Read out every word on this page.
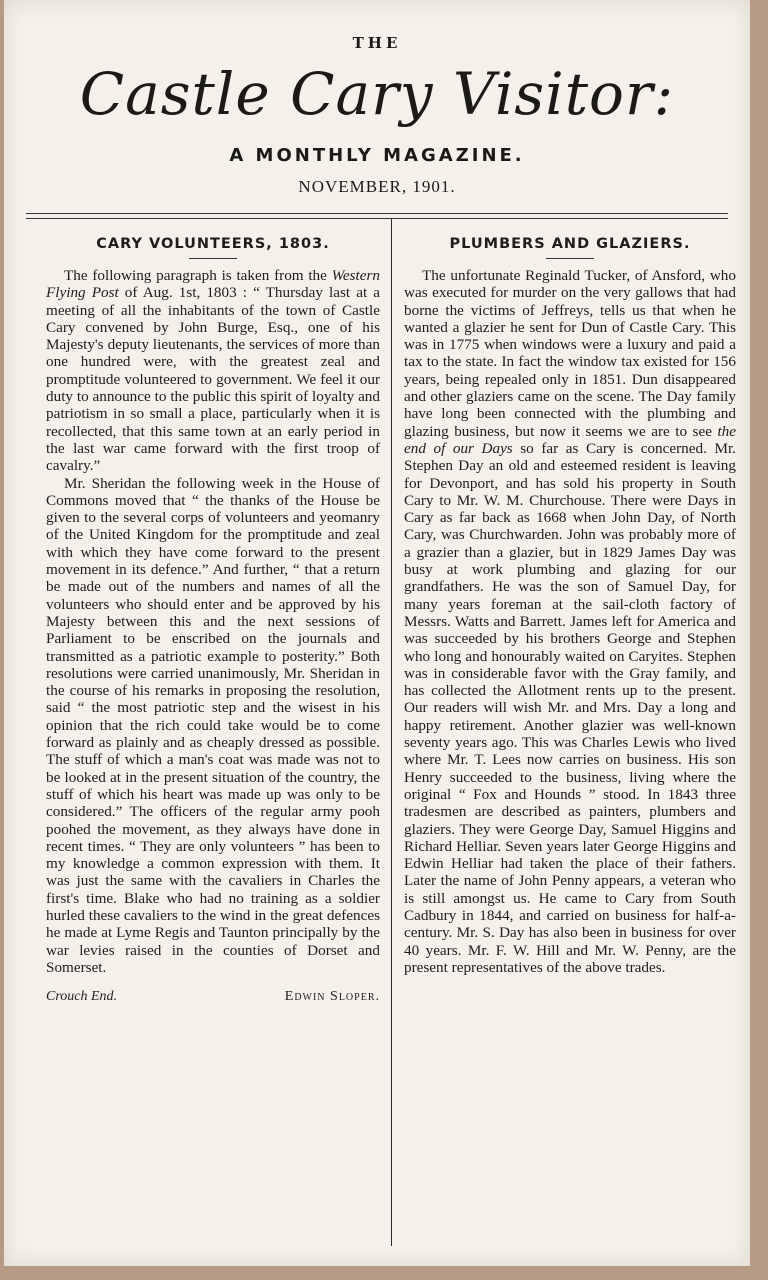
THE
Castle Cary Visitor:
A MONTHLY MAGAZINE.
NOVEMBER, 1901.
CARY VOLUNTEERS, 1803.

The following paragraph is taken from the Western Flying Post of Aug. 1st, 1803 : “ Thursday last at a meeting of all the inhabitants of the town of Castle Cary convened by John Burge, Esq., one of his Majesty's deputy lieutenants, the services of more than one hundred were, with the greatest zeal and promptitude volunteered to government. We feel it our duty to announce to the public this spirit of loyalty and patriotism in so small a place, particularly when it is recollected, that this same town at an early period in the last war came forward with the first troop of cavalry.”

Mr. Sheridan the following week in the House of Commons moved that “ the thanks of the House be given to the several corps of volunteers and yeomanry of the United Kingdom for the promptitude and zeal with which they have come forward to the present movement in its defence.” And further, “ that a return be made out of the numbers and names of all the volunteers who should enter and be approved by his Majesty between this and the next sessions of Parliament to be enscribed on the journals and transmitted as a patriotic example to posterity.” Both resolutions were carried unanimously, Mr. Sheridan in the course of his remarks in proposing the resolution, said “ the most patriotic step and the wisest in his opinion that the rich could take would be to come forward as plainly and as cheaply dressed as possible. The stuff of which a man's coat was made was not to be looked at in the present situation of the country, the stuff of which his heart was made up was only to be considered.” The officers of the regular army pooh poohed the movement, as they always have done in recent times. “ They are only volunteers ” has been to my knowledge a common expression with them. It was just the same with the cavaliers in Charles the first's time. Blake who had no training as a soldier hurled these cavaliers to the wind in the great defences he made at Lyme Regis and Taunton principally by the war levies raised in the counties of Dorset and Somerset.

Crouch End.	Edwin Sloper.
PLUMBERS AND GLAZIERS.

The unfortunate Reginald Tucker, of Ansford, who was executed for murder on the very gallows that had borne the victims of Jeffreys, tells us that when he wanted a glazier he sent for Dun of Castle Cary. This was in 1775 when windows were a luxury and paid a tax to the state. In fact the window tax existed for 156 years, being repealed only in 1851. Dun disappeared and other glaziers came on the scene. The Day family have long been connected with the plumbing and glazing business, but now it seems we are to see the end of our Days so far as Cary is concerned. Mr. Stephen Day an old and esteemed resident is leaving for Devonport, and has sold his property in South Cary to Mr. W. M. Churchouse. There were Days in Cary as far back as 1668 when John Day, of North Cary, was Churchwarden. John was probably more of a grazier than a glazier, but in 1829 James Day was busy at work plumbing and glazing for our grandfathers. He was the son of Samuel Day, for many years foreman at the sail-cloth factory of Messrs. Watts and Barrett. James left for America and was succeeded by his brothers George and Stephen who long and honourably waited on Caryites. Stephen was in considerable favor with the Gray family, and has collected the Allotment rents up to the present. Our readers will wish Mr. and Mrs. Day a long and happy retirement. Another glazier was well-known seventy years ago. This was Charles Lewis who lived where Mr. T. Lees now carries on business. His son Henry succeeded to the business, living where the original “ Fox and Hounds ” stood. In 1843 three tradesmen are described as painters, plumbers and glaziers. They were George Day, Samuel Higgins and Richard Helliar. Seven years later George Higgins and Edwin Helliar had taken the place of their fathers. Later the name of John Penny appears, a veteran who is still amongst us. He came to Cary from South Cadbury in 1844, and carried on business for half-a-century. Mr. S. Day has also been in business for over 40 years. Mr. F. W. Hill and Mr. W. Penny, are the present representatives of the above trades.
